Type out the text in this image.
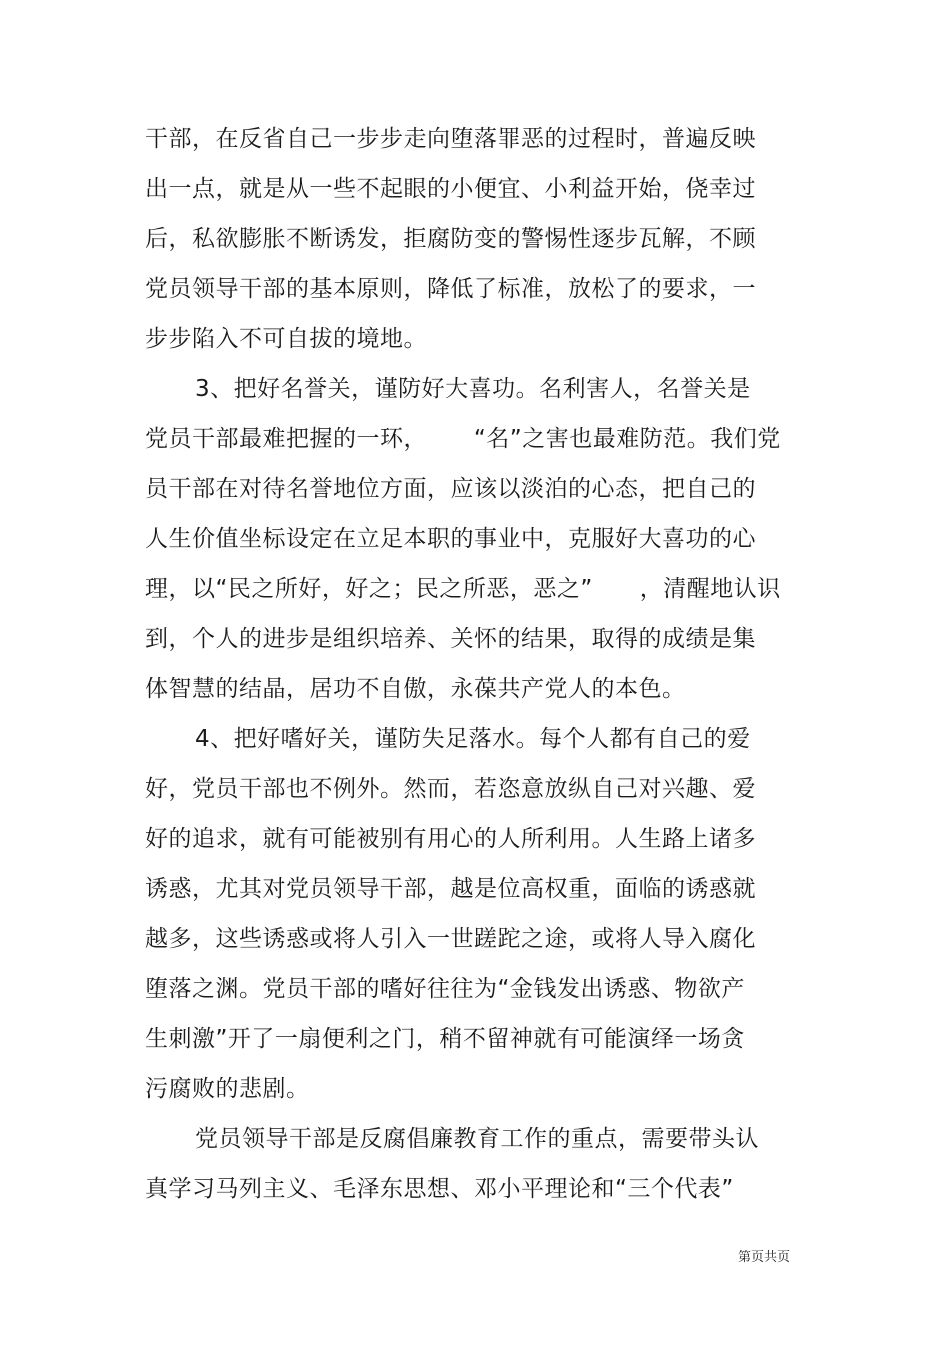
干部，在反省自己一步步走向堕落罪恶的过程时，普遍反映
出一点，就是从一些不起眼的小便宜、小利益开始，侥幸过
后，私欲膨胀不断诱发，拒腐防变的警惕性逐步瓦解，不顾
党员领导干部的基本原则，降低了标准，放松了的要求，一
步步陷入不可自拔的境地。
3、把好名誉关，谨防好大喜功。名利害人，名誉关是
党员干部最难把握的一环，      “名”之害也最难防范。我们党
员干部在对待名誉地位方面，应该以淡泊的心态，把自己的
人生价值坐标设定在立足本职的事业中，克服好大喜功的心
理，以“民之所好，好之；民之所恶，恶之”      ，清醒地认识
到，个人的进步是组织培养、关怀的结果，取得的成绩是集
体智慧的结晶，居功不自傲，永葆共产党人的本色。
4、把好嗜好关，谨防失足落水。每个人都有自己的爱
好，党员干部也不例外。然而，若恣意放纵自己对兴趣、爱
好的追求，就有可能被别有用心的人所利用。人生路上诸多
诱惑，尤其对党员领导干部，越是位高权重，面临的诱惑就
越多，这些诱惑或将人引入一世蹉跎之途，或将人导入腐化
堕落之渊。党员干部的嗜好往往为“金钱发出诱惑、物欲产
生刺激”开了一扇便利之门，稍不留神就有可能演绎一场贪
污腐败的悲剧。
党员领导干部是反腐倡廉教育工作的重点，需要带头认
真学习马列主义、毛泽东思想、邓小平理论和“三个代表”
第页共页
